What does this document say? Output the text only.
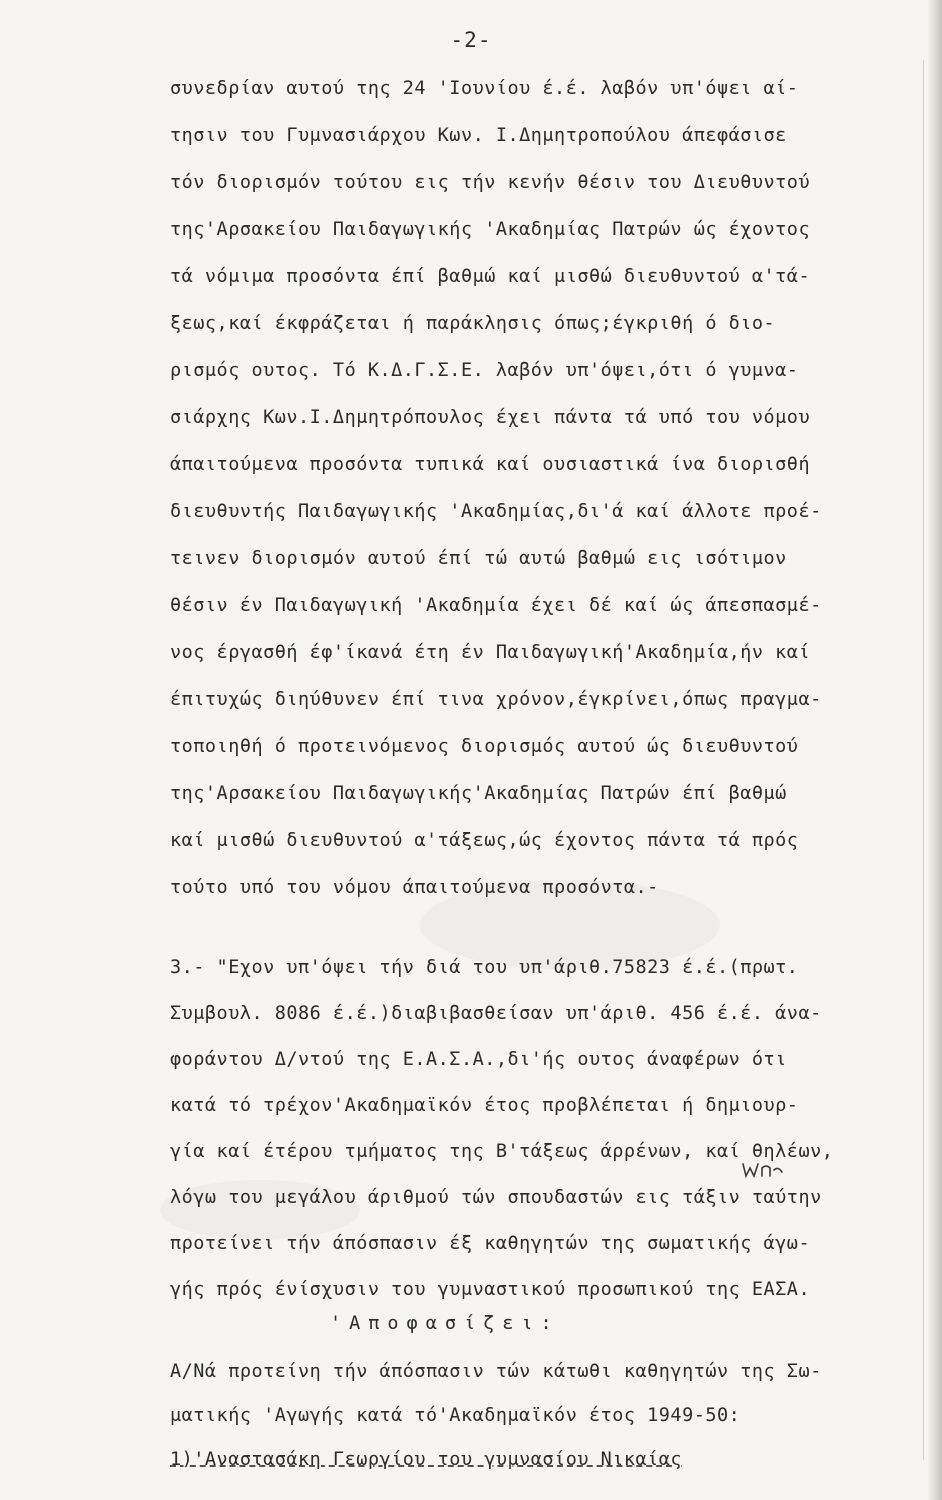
-2-
συνεδρίαν αυτού της 24 'Ιουνίου έ.έ. λαβόν υπ'όψει αί-
τησιν του Γυμνασιάρχου Κων. Ι.Δημητροπούλου άπεφάσισε
τόν διορισμόν τούτου εις τήν κενήν θέσιν του Διευθυντού
της'Αρσακείου Παιδαγωγικής 'Ακαδημίας Πατρών ώς έχοντος
τά νόμιμα προσόντα έπί βαθμώ καί μισθώ διευθυντού α'τά-
ξεως,καί έκφράζεται ή παράκλησις όπως;έγκριθή ό διο-
ρισμός ουτος. Τό Κ.Δ.Γ.Σ.Ε. λαβόν υπ'όψει,ότι ό γυμνα-
σιάρχης Κων.Ι.Δημητρόπουλος έχει πάντα τά υπό του νόμου
άπαιτούμενα προσόντα τυπικά καί ουσιαστικά ίνα διορισθή
διευθυντής Παιδαγωγικής 'Ακαδημίας,δι'ά καί άλλοτε προέ-
τεινεν διορισμόν αυτού έπί τώ αυτώ βαθμώ εις ισότιμον
θέσιν έν Παιδαγωγική 'Ακαδημία έχει δέ καί ώς άπεσπασμέ-
νος έργασθή έφ'ίκανά έτη έν Παιδαγωγική'Ακαδημία,ήν καί
έπιτυχώς διηύθυνεν έπί τινα χρόνον,έγκρίνει,όπως πραγμα-
τοποιηθή ό προτεινόμενος διορισμός αυτού ώς διευθυντού
της'Αρσακείου Παιδαγωγικής'Ακαδημίας Πατρών έπί βαθμώ
καί μισθώ διευθυντού α'τάξεως,ώς έχοντος πάντα τά πρός
τούτο υπό του νόμου άπαιτούμενα προσόντα.-
3.- "Εχον υπ'όψει τήν διά του υπ'άριθ.75823 έ.έ.(πρωτ.
Συμβουλ. 8086 έ.έ.)διαβιβασθείσαν υπ'άριθ. 456 έ.έ. άνα-
φοράντου Δ/ντού της Ε.Α.Σ.Α.,δι'ής ουτος άναφέρων ότι
κατά τό τρέχον'Ακαδημαϊκόν έτος προβλέπεται ή δημιουρ-
γία καί έτέρου τμήματος της Β'τάξεως άρρένων, καί θηλέων,
λόγω του μεγάλου άριθμού τών σπουδαστών εις τάξιν ταύτην
προτείνει τήν άπόσπασιν έξ καθηγητών της σωματικής άγω-
γής πρός ένίσχυσιν του γυμναστικού προσωπικού της ΕΑΣΑ.
'Αποφασίζει:
Α/Νά προτείνη τήν άπόσπασιν τών κάτωθι καθηγητών της Σω-
ματικής 'Αγωγής κατά τό'Ακαδημαϊκόν έτος 1949-50:
1)'Αναστασάκη Γεωργίου του γυμνασίου Νικαίας
